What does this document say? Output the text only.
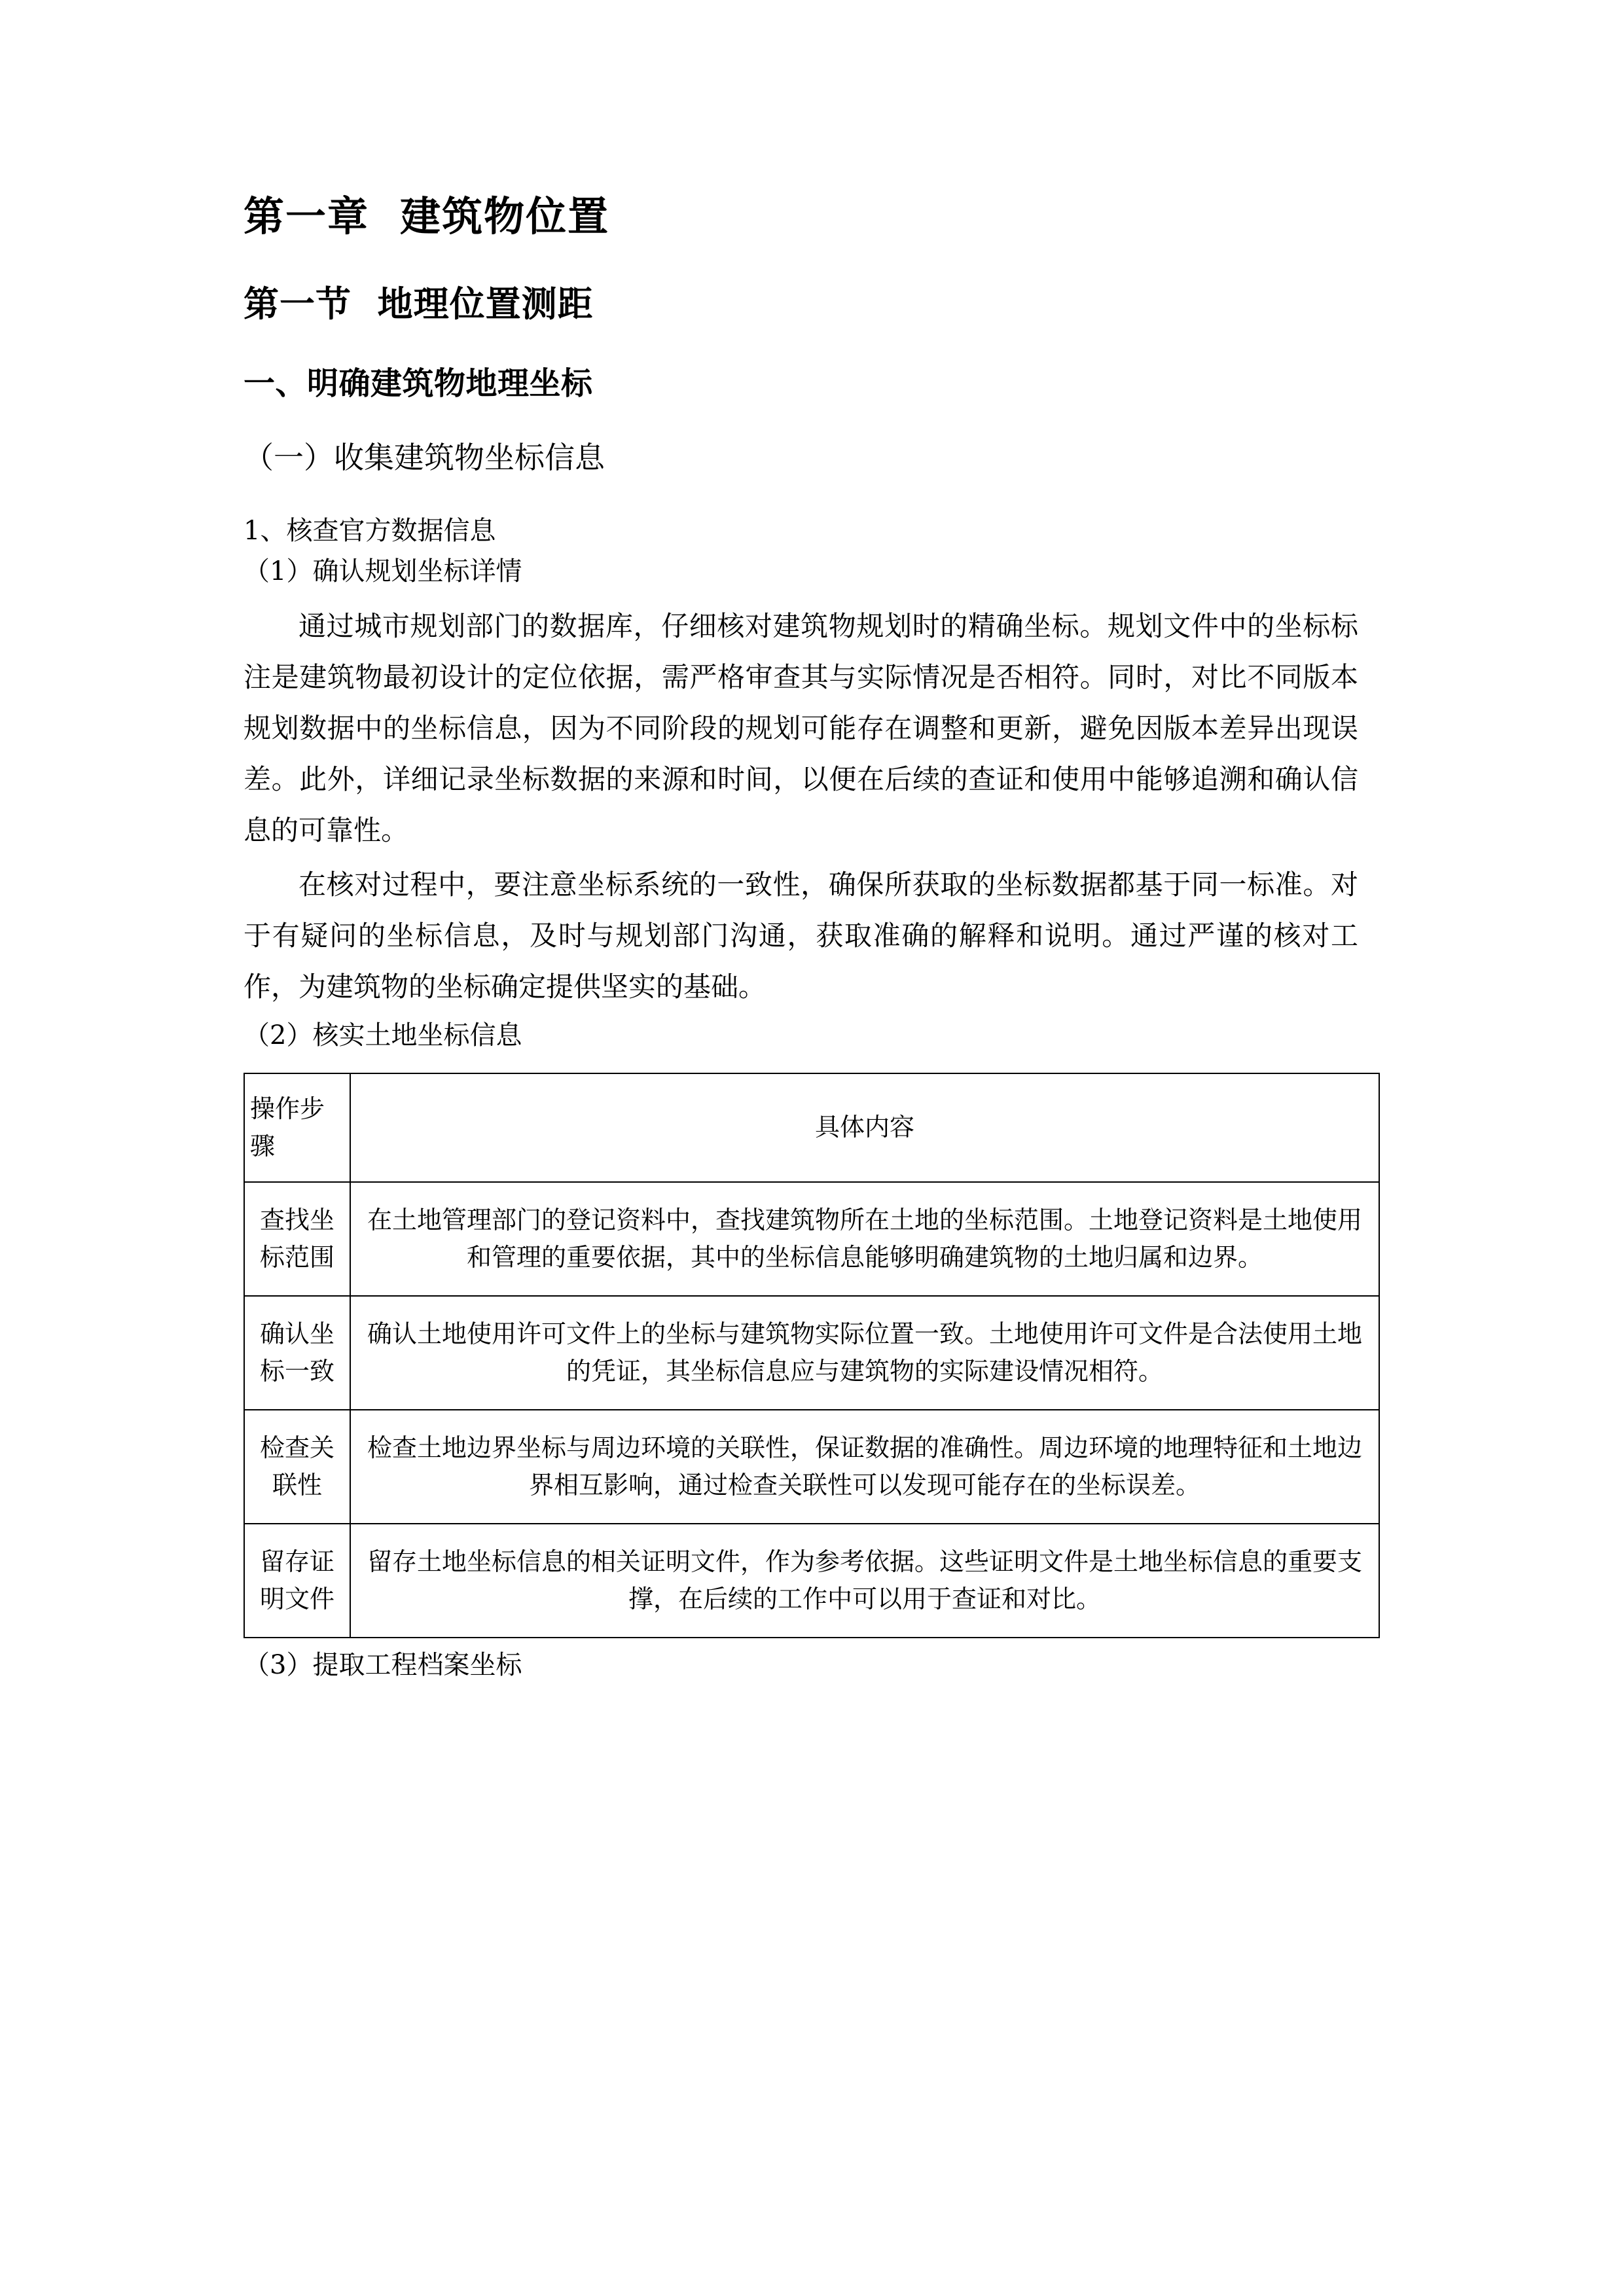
第一章  建筑物位置
第一节  地理位置测距
一、明确建筑物地理坐标
（一）收集建筑物坐标信息

1、核查官方数据信息

（1）确认规划坐标详情

通过城市规划部门的数据库，仔细核对建筑物规划时的精确坐标。规划文件中的坐标标注是建筑物最初设计的定位依据，需严格审查其与实际情况是否相符。同时，对比不同版本规划数据中的坐标信息，因为不同阶段的规划可能存在调整和更新，避免因版本差异出现误差。此外，详细记录坐标数据的来源和时间，以便在后续的查证和使用中能够追溯和确认信息的可靠性。

在核对过程中，要注意坐标系统的一致性，确保所获取的坐标数据都基于同一标准。对于有疑问的坐标信息，及时与规划部门沟通，获取准确的解释和说明。通过严谨的核对工作，为建筑物的坐标确定提供坚实的基础。

（2）核实土地坐标信息

操作步骤	具体内容
查找坐标范围	在土地管理部门的登记资料中，查找建筑物所在土地的坐标范围。土地登记资料是土地使用和管理的重要依据，其中的坐标信息能够明确建筑物的土地归属和边界。
确认坐标一致	确认土地使用许可文件上的坐标与建筑物实际位置一致。土地使用许可文件是合法使用土地的凭证，其坐标信息应与建筑物的实际建设情况相符。
检查关联性	检查土地边界坐标与周边环境的关联性，保证数据的准确性。周边环境的地理特征和土地边界相互影响，通过检查关联性可以发现可能存在的坐标误差。
留存证明文件	留存土地坐标信息的相关证明文件，作为参考依据。这些证明文件是土地坐标信息的重要支撑，在后续的工作中可以用于查证和对比。

（3）提取工程档案坐标
